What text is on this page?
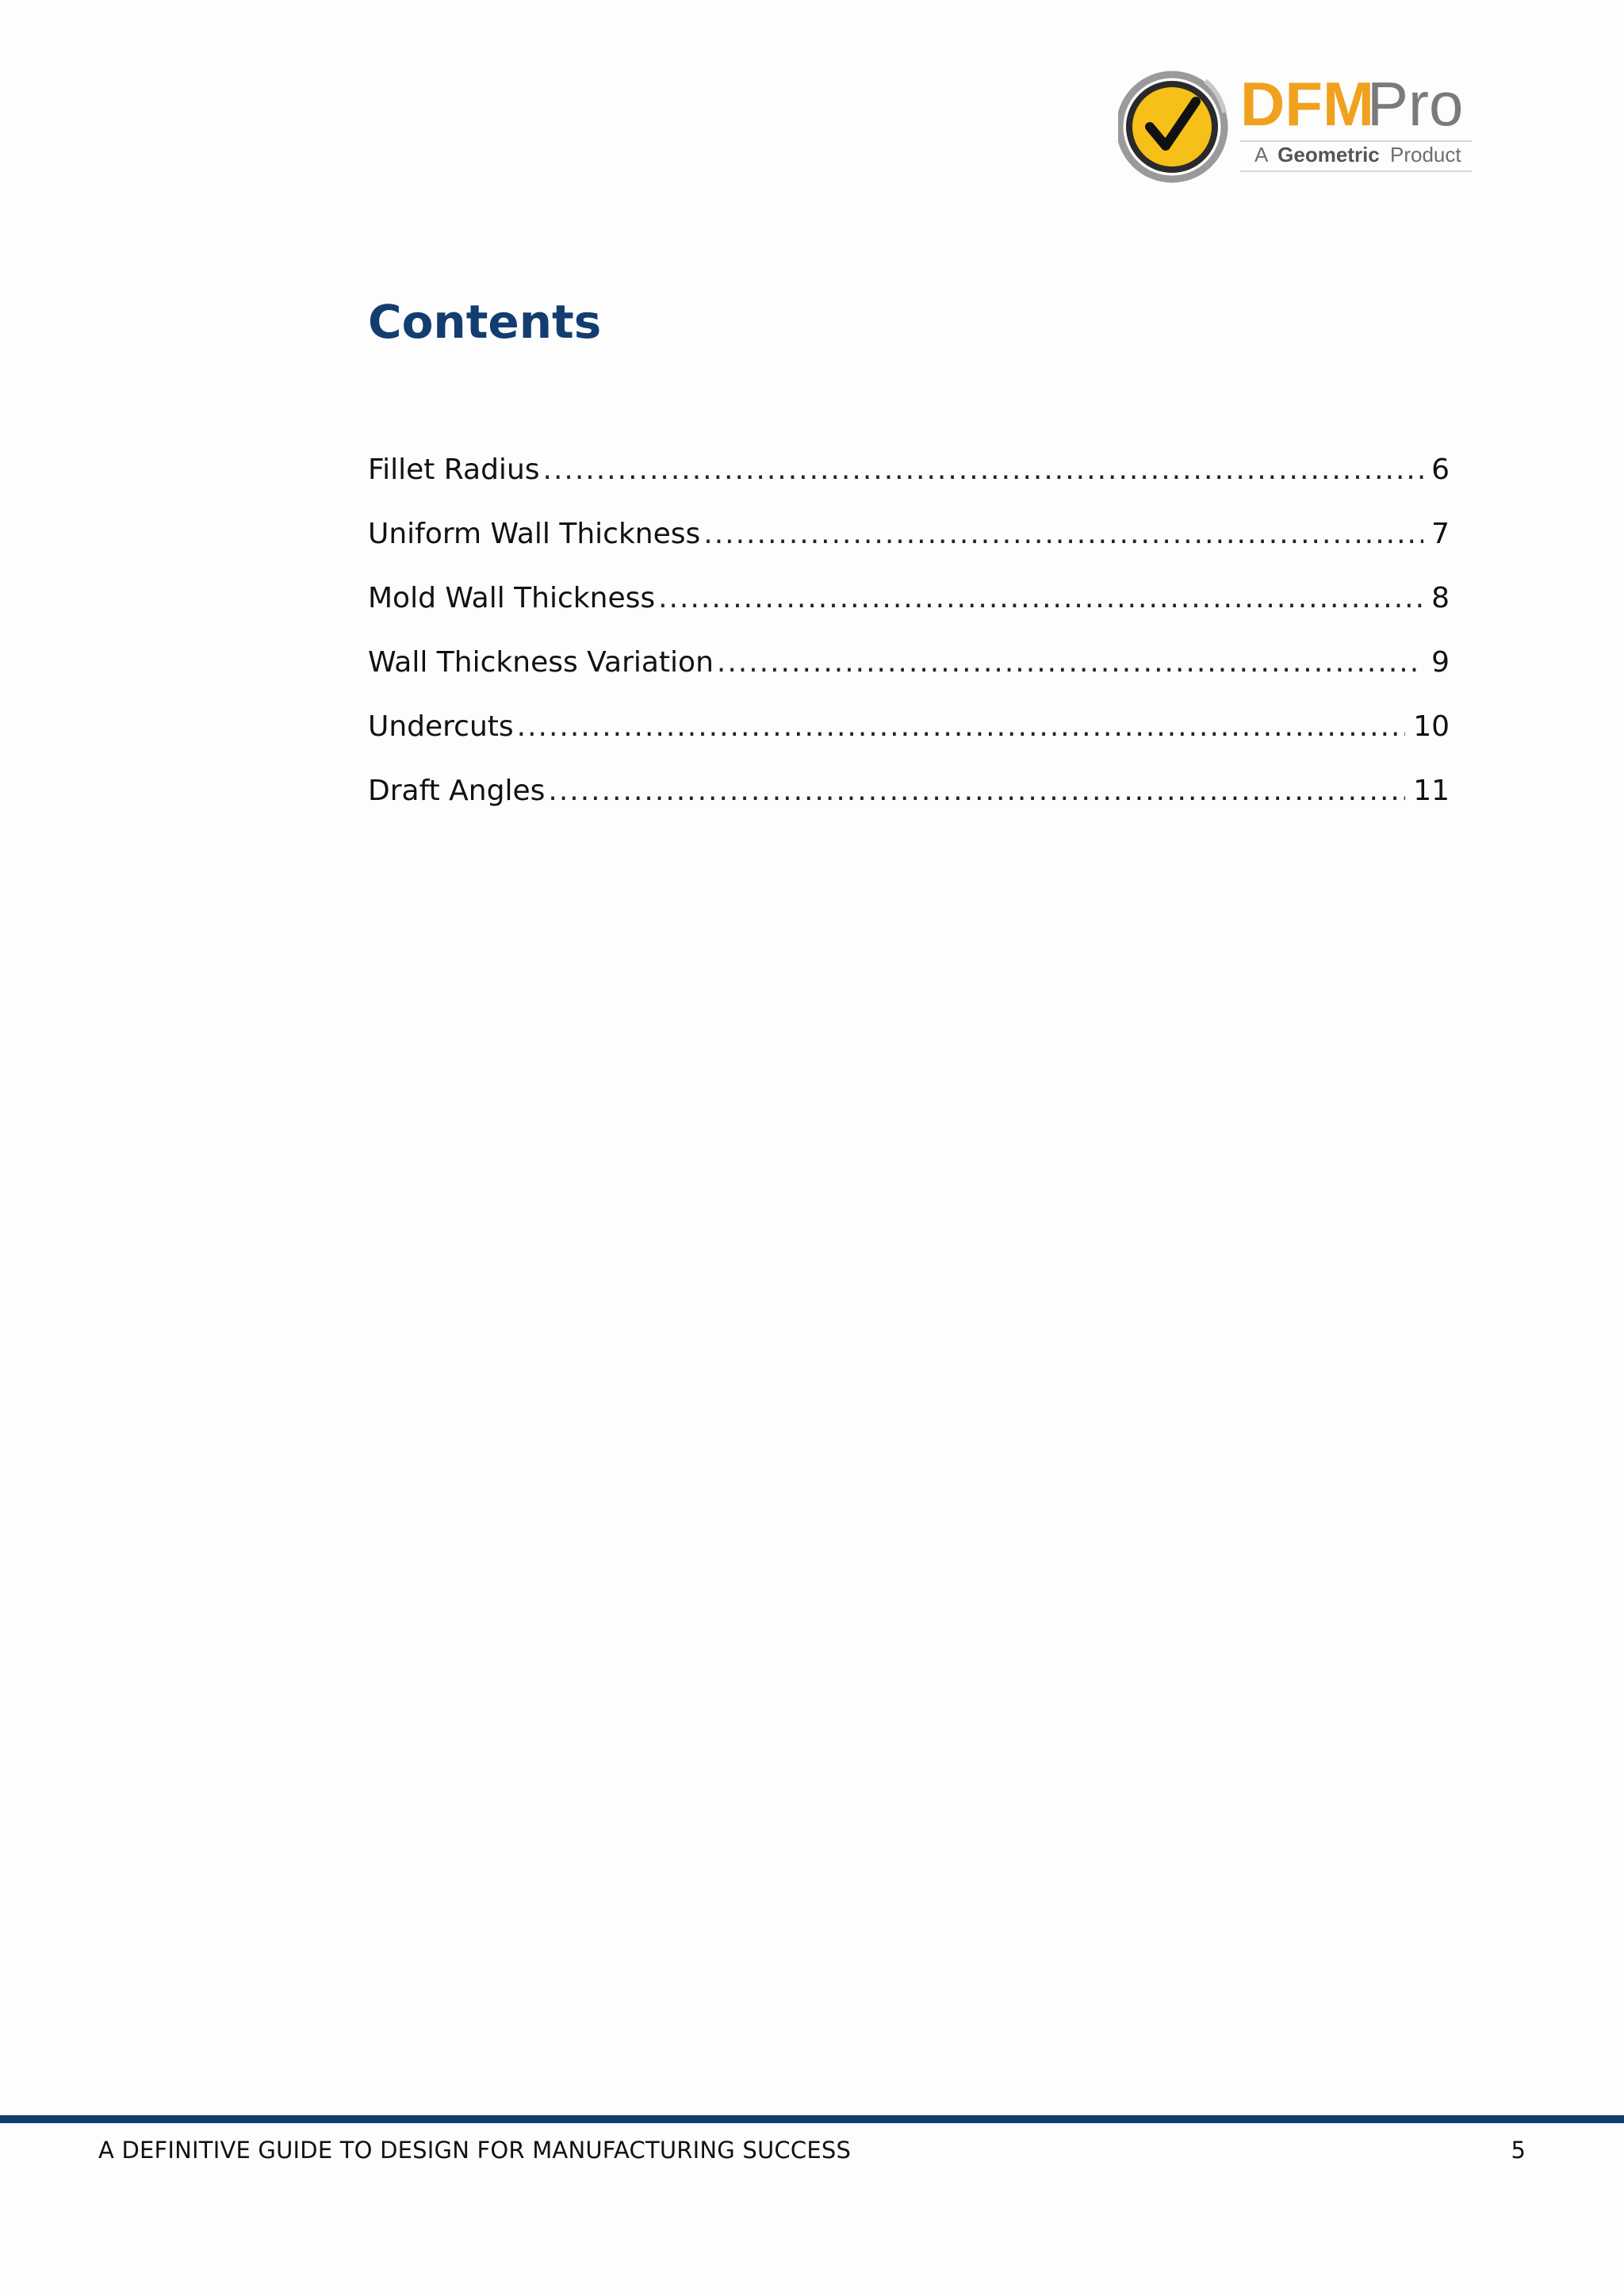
DFM
Pro
A Geometric Product
Contents
Fillet Radius .....	6
Uniform Wall Thickness .....	7
Mold Wall Thickness .....	8
Wall Thickness Variation .....	9
Undercuts .....	10
Draft Angles .....	11
A DEFINITIVE GUIDE TO DESIGN FOR MANUFACTURING SUCCESS	5
